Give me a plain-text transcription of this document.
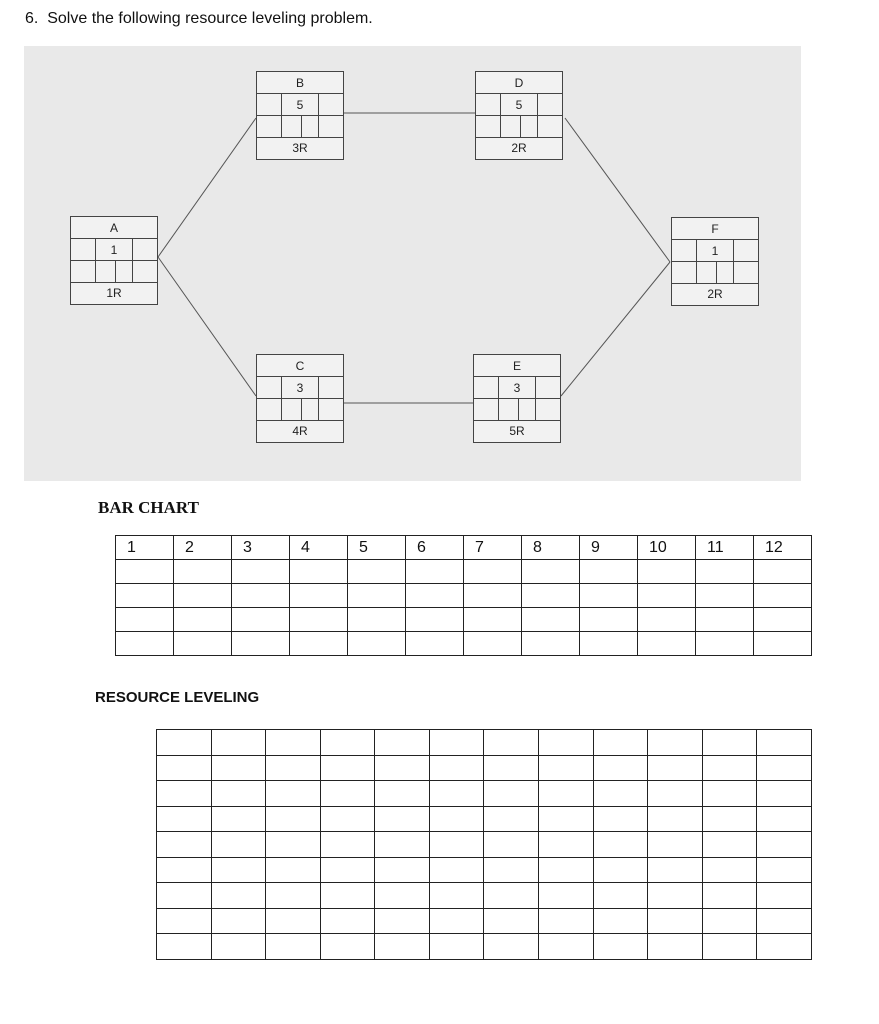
6. Solve the following resource leveling problem.
A
1
1R
B
5
3R
C
3
4R
D
5
2R
E
3
5R
F
1
2R
BAR CHART
1	2	3	4	5	6	7	8	9	10	11	12

RESOURCE LEVELING
